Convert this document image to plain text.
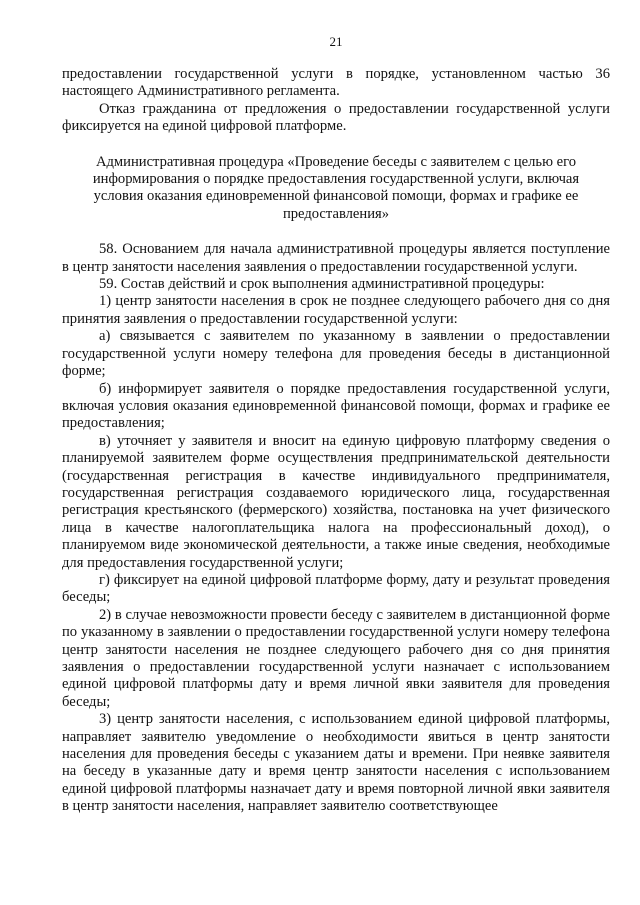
21

предоставлении государственной услуги в порядке, установленном частью 36 настоящего Административного регламента.

Отказ гражданина от предложения о предоставлении государственной услуги фиксируется на единой цифровой платформе.

Административная процедура «Проведение беседы с заявителем с целью его информирования о порядке предоставления государственной услуги, включая условия оказания единовременной финансовой помощи, формах и графике ее предоставления»

58. Основанием для начала административной процедуры является поступление в центр занятости населения заявления о предоставлении государственной услуги.

59. Состав действий и срок выполнения административной процедуры:

1) центр занятости населения в срок не позднее следующего рабочего дня со дня принятия заявления о предоставлении государственной услуги:

а) связывается с заявителем по указанному в заявлении о предоставлении государственной услуги номеру телефона для проведения беседы в дистанционной форме;

б) информирует заявителя о порядке предоставления государственной услуги, включая условия оказания единовременной финансовой помощи, формах и графике ее предоставления;

в) уточняет у заявителя и вносит на единую цифровую платформу сведения о планируемой заявителем форме осуществления предпринимательской деятельности (государственная регистрация в качестве индивидуального предпринимателя, государственная регистрация создаваемого юридического лица, государственная регистрация крестьянского (фермерского) хозяйства, постановка на учет физического лица в качестве налогоплательщика налога на профессиональный доход), о планируемом виде экономической деятельности, а также иные сведения, необходимые для предоставления государственной услуги;

г) фиксирует на единой цифровой платформе форму, дату и результат проведения беседы;

2) в случае невозможности провести беседу с заявителем в дистанционной форме по указанному в заявлении о предоставлении государственной услуги номеру телефона центр занятости населения не позднее следующего рабочего дня со дня принятия заявления о предоставлении государственной услуги назначает с использованием единой цифровой платформы дату и время личной явки заявителя для проведения беседы;

3) центр занятости населения, с использованием единой цифровой платформы, направляет заявителю уведомление о необходимости явиться в центр занятости населения для проведения беседы с указанием даты и времени. При неявке заявителя на беседу в указанные дату и время центр занятости населения с использованием единой цифровой платформы назначает дату и время повторной личной явки заявителя в центр занятости населения, направляет заявителю соответствующее
